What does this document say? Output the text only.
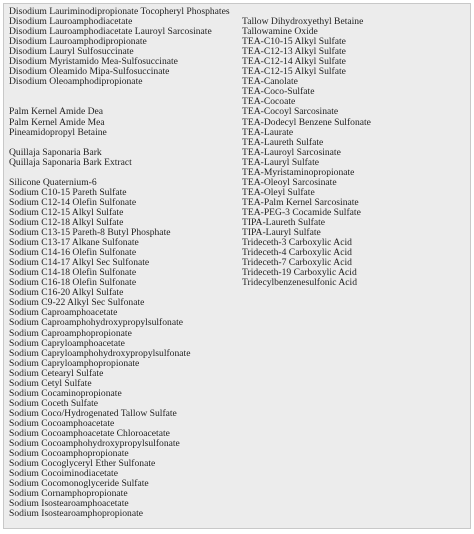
Disodium Lauriminodipropionate Tocopheryl Phosphates
Disodium Lauroamphodiacetate
Disodium Lauroamphodiacetate Lauroyl Sarcosinate
Disodium Lauroamphodipropionate
Disodium Lauryl Sulfosuccinate
Disodium Myristamido Mea-Sulfosuccinate
Disodium Oleamido Mipa-Sulfosuccinate
Disodium Oleoamphodipropionate
Palm Kernel Amide Dea
Palm Kernel Amide Mea
Pineamidopropyl Betaine
Quillaja Saponaria Bark
Quillaja Saponaria Bark Extract
Silicone Quaternium-6
Sodium C10-15 Pareth Sulfate
Sodium C12-14 Olefin Sulfonate
Sodium C12-15 Alkyl Sulfate
Sodium C12-18 Alkyl Sulfate
Sodium C13-15 Pareth-8 Butyl Phosphate
Sodium C13-17 Alkane Sulfonate
Sodium C14-16 Olefin Sulfonate
Sodium C14-17 Alkyl Sec Sulfonate
Sodium C14-18 Olefin Sulfonate
Sodium C16-18 Olefin Sulfonate
Sodium C16-20 Alkyl Sulfate
Sodium C9-22 Alkyl Sec Sulfonate
Sodium Caproamphoacetate
Sodium Caproamphohydroxypropylsulfonate
Sodium Caproamphopropionate
Sodium Capryloamphoacetate
Sodium Capryloamphohydroxypropylsulfonate
Sodium Capryloamphopropionate
Sodium Cetearyl Sulfate
Sodium Cetyl Sulfate
Sodium Cocaminopropionate
Sodium Coceth Sulfate
Sodium Coco/Hydrogenated Tallow Sulfate
Sodium Cocoamphoacetate
Sodium Cocoamphoacetate Chloroacetate
Sodium Cocoamphohydroxypropylsulfonate
Sodium Cocoamphopropionate
Sodium Cocoglyceryl Ether Sulfonate
Sodium Cocoiminodiacetate
Sodium Cocomonoglyceride Sulfate
Sodium Cornamphopropionate
Sodium Isostearoamphoacetate
Sodium Isostearoamphopropionate
Tallow Dihydroxyethyl Betaine
Tallowamine Oxide
TEA-C10-15 Alkyl Sulfate
TEA-C12-13 Alkyl Sulfate
TEA-C12-14 Alkyl Sulfate
TEA-C12-15 Alkyl Sulfate
TEA-Canolate
TEA-Coco-Sulfate
TEA-Cocoate
TEA-Cocoyl Sarcosinate
TEA-Dodecyl Benzene Sulfonate
TEA-Laurate
TEA-Laureth Sulfate
TEA-Lauroyl Sarcosinate
TEA-Lauryl Sulfate
TEA-Myristaminopropionate
TEA-Oleoyl Sarcosinate
TEA-Oleyl Sulfate
TEA-Palm Kernel Sarcosinate
TEA-PEG-3 Cocamide Sulfate
TIPA-Laureth Sulfate
TIPA-Lauryl Sulfate
Trideceth-3 Carboxylic Acid
Trideceth-4 Carboxylic Acid
Trideceth-7 Carboxylic Acid
Trideceth-19 Carboxylic Acid
Tridecylbenzenesulfonic Acid
